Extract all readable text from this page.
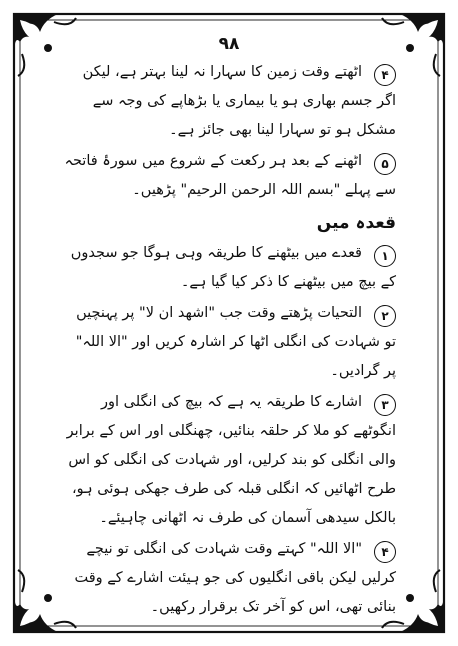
۹۸
۴
اٹھتے وقت زمین کا سہارا نہ لینا بہتر ہے، لیکن اگر جسم بھاری ہو یا بیماری یا بڑھاپے کی وجہ سے مشکل ہو تو سہارا لینا بھی جائز ہے۔
۵
اٹھنے کے بعد ہر رکعت کے شروع میں سورۂ فاتحہ سے پہلے "بسم اللہ الرحمن الرحیم" پڑھیں۔
قعدہ میں
۱
قعدے میں بیٹھنے کا طریقہ وہی ہوگا جو سجدوں کے بیچ میں بیٹھنے کا ذکر کیا گیا ہے۔
۲
التحیات پڑھتے وقت جب "اشھد ان لا" پر پہنچیں تو شہادت کی انگلی اٹھا کر اشارہ کریں اور "الا اللہ" پر گرادیں۔
۳
اشارے کا طریقہ یہ ہے کہ بیچ کی انگلی اور انگوٹھے کو ملا کر حلقہ بنائیں، چھنگلی اور اس کے برابر والی انگلی کو بند کرلیں، اور شہادت کی انگلی کو اس طرح اٹھائیں کہ انگلی قبلہ کی طرف جھکی ہوئی ہو، بالکل سیدھی آسمان کی طرف نہ اٹھانی چاہیئے۔
۴
"الا اللہ" کہتے وقت شہادت کی انگلی تو نیچے کرلیں لیکن باقی انگلیوں کی جو ہیئت اشارے کے وقت بنائی تھی، اس کو آخر تک برقرار رکھیں۔
